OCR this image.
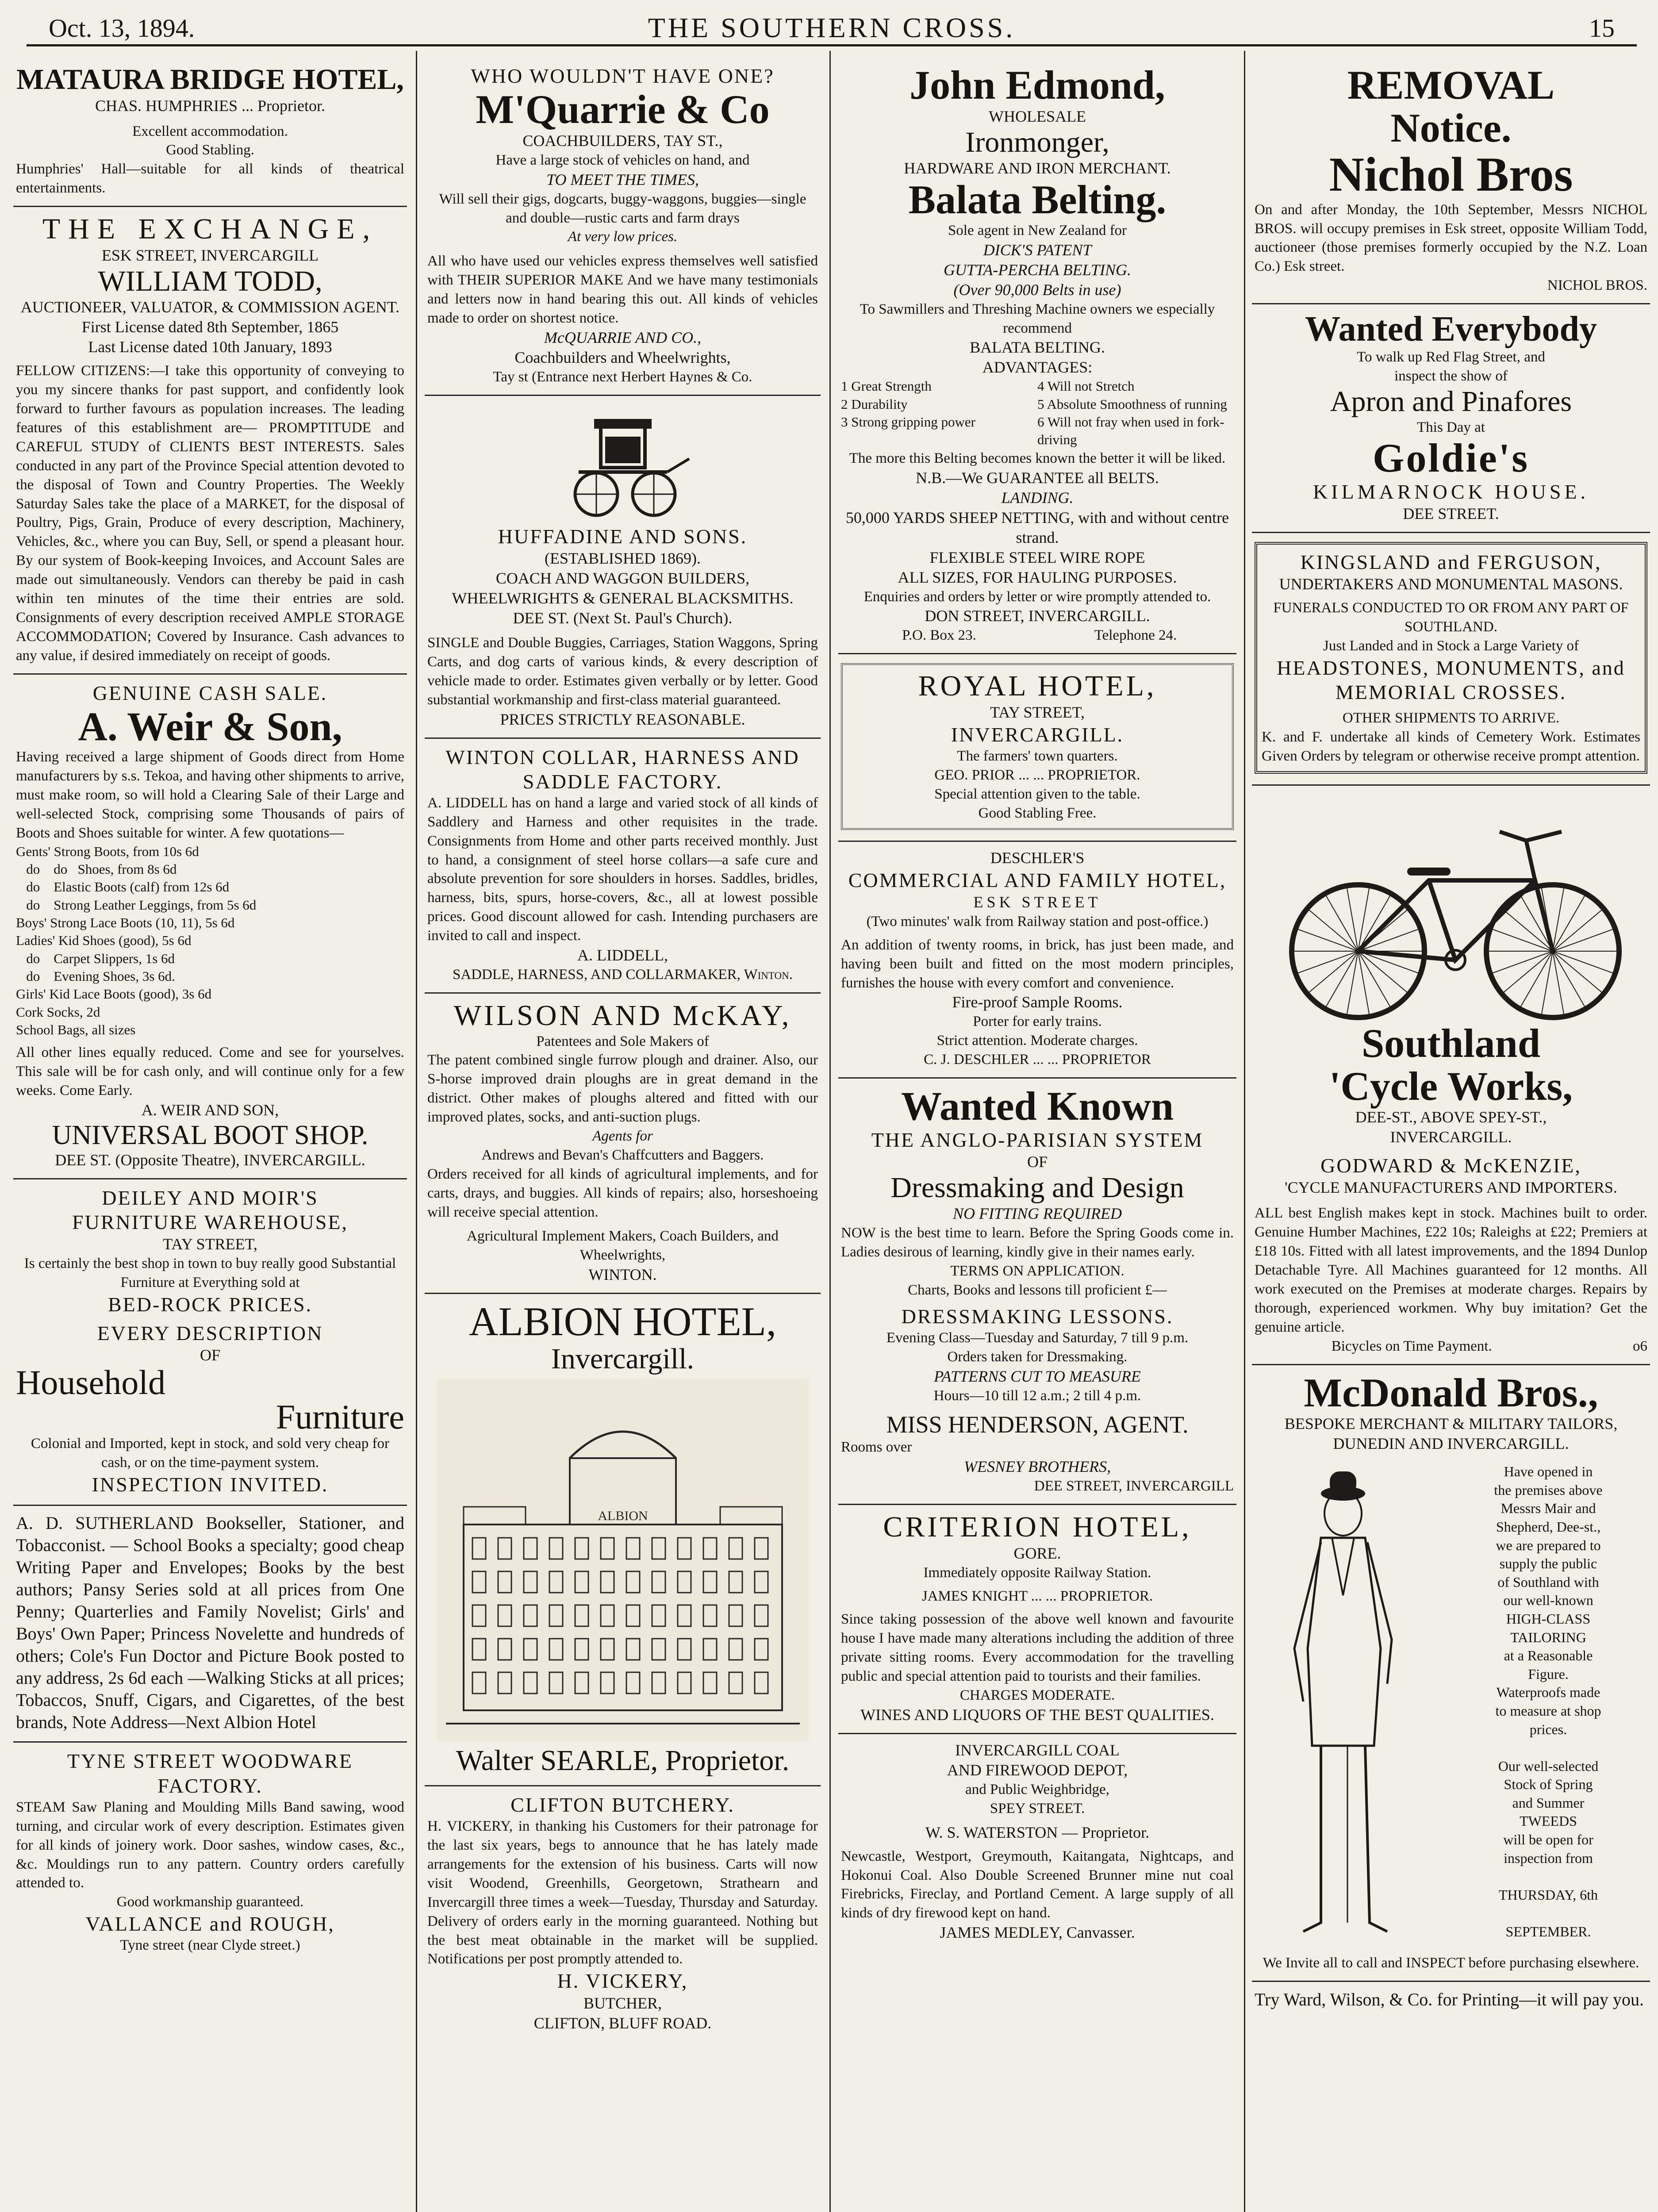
Oct. 13, 1894.	THE SOUTHERN CROSS.	15
MATAURA BRIDGE HOTEL,
CHAS. HUMPHRIES ... Proprietor.
Excellent accommodation.
Good Stabling.
Humphries' Hall—suitable for all kinds of theatrical entertainments.
THE EXCHANGE,
ESK STREET, INVERCARGILL
WILLIAM TODD,
AUCTIONEER, VALUATOR, & COMMISSION AGENT.
First License dated 8th September, 1865
Last License dated 10th January, 1893
FELLOW CITIZENS:—I take this opportunity of conveying to you my sincere thanks for past support, and confidently look forward to further favours as population increases. The leading features of this establishment are— PROMPTITUDE and CAREFUL STUDY of CLIENTS BEST INTERESTS. Sales conducted in any part of the Province Special attention devoted to the disposal of Town and Country Properties. The Weekly Saturday Sales take the place of a MARKET, for the disposal of Poultry, Pigs, Grain, Produce of every description, Machinery, Vehicles, &c., where you can Buy, Sell, or spend a pleasant hour. By our system of Book-keeping Invoices, and Account Sales are made out simultaneously. Vendors can thereby be paid in cash within ten minutes of the time their entries are sold. Consignments of every description received AMPLE STORAGE ACCOMMODATION; Covered by Insurance. Cash advances to any value, if desired immediately on receipt of goods.
GENUINE CASH SALE.
A. Weir & Son,
Having received a large shipment of Goods direct from Home manufacturers by s.s. Tekoa, and having other shipments to arrive, must make room, so will hold a Clearing Sale of their Large and well-selected Stock, comprising some Thousands of pairs of Boots and Shoes suitable for winter. A few quotations—
Gents' Strong Boots, from 10s 6d
do    do   Shoes, from 8s 6d
do    Elastic Boots (calf) from 12s 6d
do    Strong Leather Leggings, from 5s 6d
Boys' Strong Lace Boots (10, 11), 5s 6d
Ladies' Kid Shoes (good), 5s 6d
do    Carpet Slippers, 1s 6d
do    Evening Shoes, 3s 6d.
Girls' Kid Lace Boots (good), 3s 6d
Cork Socks, 2d
School Bags, all sizes
All other lines equally reduced. Come and see for yourselves. This sale will be for cash only, and will continue only for a few weeks. Come Early.
A. WEIR AND SON,
UNIVERSAL BOOT SHOP.
DEE ST. (Opposite Theatre), INVERCARGILL.
DEILEY AND MOIR'S
FURNITURE WAREHOUSE,
TAY STREET,
Is certainly the best shop in town to buy really good Substantial Furniture at Everything sold at
BED-ROCK PRICES.
EVERY DESCRIPTION
OF
Household
Furniture
Colonial and Imported, kept in stock, and sold very cheap for cash, or on the time-payment system.
INSPECTION INVITED.
A. D. SUTHERLAND Bookseller, Stationer, and Tobacconist. — School Books a specialty; good cheap Writing Paper and Envelopes; Books by the best authors; Pansy Series sold at all prices from One Penny; Quarterlies and Family Novelist; Girls' and Boys' Own Paper; Princess Novelette and hundreds of others; Cole's Fun Doctor and Picture Book posted to any address, 2s 6d each —Walking Sticks at all prices; Tobaccos, Snuff, Cigars, and Cigarettes, of the best brands, Note Address—Next Albion Hotel
TYNE STREET WOODWARE FACTORY.
STEAM Saw Planing and Moulding Mills Band sawing, wood turning, and circular work of every description. Estimates given for all kinds of joinery work. Door sashes, window cases, &c., &c. Mouldings run to any pattern. Country orders carefully attended to.
Good workmanship guaranteed.
VALLANCE and ROUGH,
Tyne street (near Clyde street.)
WHO WOULDN'T HAVE ONE?
M'Quarrie & Co
COACHBUILDERS, TAY ST.,
Have a large stock of vehicles on hand, and
TO MEET THE TIMES,
Will sell their gigs, dogcarts, buggy-waggons, buggies—single and double—rustic carts and farm drays
At very low prices.
All who have used our vehicles express themselves well satisfied with THEIR SUPERIOR MAKE And we have many testimonials and letters now in hand bearing this out. All kinds of vehicles made to order on shortest notice.
McQUARRIE AND CO.,
Coachbuilders and Wheelwrights,
Tay st (Entrance next Herbert Haynes & Co.
HUFFADINE AND SONS.
(ESTABLISHED 1869).
COACH AND WAGGON BUILDERS,
WHEELWRIGHTS & GENERAL BLACKSMITHS.
DEE ST. (Next St. Paul's Church).
SINGLE and Double Buggies, Carriages, Station Waggons, Spring Carts, and dog carts of various kinds, & every description of vehicle made to order. Estimates given verbally or by letter. Good substantial workmanship and first-class material guaranteed.
PRICES STRICTLY REASONABLE.
WINTON COLLAR, HARNESS AND SADDLE FACTORY.
A. LIDDELL has on hand a large and varied stock of all kinds of Saddlery and Harness and other requisites in the trade. Consignments from Home and other parts received monthly. Just to hand, a consignment of steel horse collars—a safe cure and absolute prevention for sore shoulders in horses. Saddles, bridles, harness, bits, spurs, horse-covers, &c., all at lowest possible prices. Good discount allowed for cash. Intending purchasers are invited to call and inspect.
A. LIDDELL,
SADDLE, HARNESS, AND COLLARMAKER, Winton.
WILSON AND McKAY,
Patentees and Sole Makers of
The patent combined single furrow plough and drainer. Also, our S-horse improved drain ploughs are in great demand in the district. Other makes of ploughs altered and fitted with our improved plates, socks, and anti-suction plugs.
Agents for
Andrews and Bevan's Chaffcutters and Baggers.
Orders received for all kinds of agricultural implements, and for carts, drays, and buggies. All kinds of repairs; also, horseshoeing will receive special attention.
Agricultural Implement Makers, Coach Builders, and Wheelwrights,
WINTON.
ALBION HOTEL,
Invercargill.
ALBION
Walter SEARLE, Proprietor.
CLIFTON BUTCHERY.
H. VICKERY, in thanking his Customers for their patronage for the last six years, begs to announce that he has lately made arrangements for the extension of his business. Carts will now visit Woodend, Greenhills, Georgetown, Strathearn and Invercargill three times a week—Tuesday, Thursday and Saturday. Delivery of orders early in the morning guaranteed. Nothing but the best meat obtainable in the market will be supplied. Notifications per post promptly attended to.
H. VICKERY,
BUTCHER,
CLIFTON, BLUFF ROAD.
John Edmond,
WHOLESALE
Ironmonger,
HARDWARE AND IRON MERCHANT.
Balata Belting.
Sole agent in New Zealand for
DICK'S PATENT
GUTTA-PERCHA BELTING.
(Over 90,000 Belts in use)
To Sawmillers and Threshing Machine owners we especially recommend
BALATA BELTING.
ADVANTAGES:
1 Great Strength
2 Durability
3 Strong gripping power
4 Will not Stretch
5 Absolute Smoothness of running
6 Will not fray when used in fork-driving
The more this Belting becomes known the better it will be liked.
N.B.—We GUARANTEE all BELTS.
LANDING.
50,000 YARDS SHEEP NETTING, with and without centre strand.
FLEXIBLE STEEL WIRE ROPE
ALL SIZES, FOR HAULING PURPOSES.
Enquiries and orders by letter or wire promptly attended to.
DON STREET, INVERCARGILL.
P.O. Box 23.	Telephone 24.
ROYAL HOTEL,
TAY STREET,
INVERCARGILL.
The farmers' town quarters.
GEO. PRIOR ... ... PROPRIETOR.
Special attention given to the table.
Good Stabling Free.
DESCHLER'S
COMMERCIAL AND FAMILY HOTEL,
ESK STREET
(Two minutes' walk from Railway station and post-office.)
An addition of twenty rooms, in brick, has just been made, and having been built and fitted on the most modern principles, furnishes the house with every comfort and convenience.
Fire-proof Sample Rooms.
Porter for early trains.
Strict attention. Moderate charges.
C. J. DESCHLER ... ... PROPRIETOR
Wanted Known
THE ANGLO-PARISIAN SYSTEM
OF
Dressmaking and Design
NO FITTING REQUIRED
NOW is the best time to learn. Before the Spring Goods come in. Ladies desirous of learning, kindly give in their names early.
TERMS ON APPLICATION.
Charts, Books and lessons till proficient £—
DRESSMAKING LESSONS.
Evening Class—Tuesday and Saturday, 7 till 9 p.m.
Orders taken for Dressmaking.
PATTERNS CUT TO MEASURE
Hours—10 till 12 a.m.; 2 till 4 p.m.
MISS HENDERSON, AGENT.
Rooms over
WESNEY BROTHERS,
DEE STREET, INVERCARGILL
CRITERION HOTEL,
GORE.
Immediately opposite Railway Station.
JAMES KNIGHT ... ... PROPRIETOR.
Since taking possession of the above well known and favourite house I have made many alterations including the addition of three private sitting rooms. Every accommodation for the travelling public and special attention paid to tourists and their families.
CHARGES MODERATE.
WINES AND LIQUORS OF THE BEST QUALITIES.
INVERCARGILL COAL
AND FIREWOOD DEPOT,
and Public Weighbridge,
SPEY STREET.
W. S. WATERSTON — Proprietor.
Newcastle, Westport, Greymouth, Kaitangata, Nightcaps, and Hokonui Coal. Also Double Screened Brunner mine nut coal Firebricks, Fireclay, and Portland Cement. A large supply of all kinds of dry firewood kept on hand.
JAMES MEDLEY, Canvasser.
REMOVAL
Notice.
Nichol Bros
On and after Monday, the 10th September, Messrs NICHOL BROS. will occupy premises in Esk street, opposite William Todd, auctioneer (those premises formerly occupied by the N.Z. Loan Co.) Esk street.
NICHOL BROS.
Wanted Everybody
To walk up Red Flag Street, and
inspect the show of
Apron and Pinafores
This Day at
Goldie's
KILMARNOCK HOUSE.
DEE STREET.
KINGSLAND and FERGUSON,
UNDERTAKERS AND MONUMENTAL MASONS.
FUNERALS CONDUCTED TO OR FROM ANY PART OF SOUTHLAND.
Just Landed and in Stock a Large Variety of
HEADSTONES, MONUMENTS, and MEMORIAL CROSSES.
OTHER SHIPMENTS TO ARRIVE.
K. and F. undertake all kinds of Cemetery Work. Estimates Given Orders by telegram or otherwise receive prompt attention.
Southland
'Cycle Works,
DEE-ST., ABOVE SPEY-ST.,
INVERCARGILL.
GODWARD & McKENZIE,
'CYCLE MANUFACTURERS AND IMPORTERS.
ALL best English makes kept in stock. Machines built to order. Genuine Humber Machines, £22 10s; Raleighs at £22; Premiers at £18 10s. Fitted with all latest improvements, and the 1894 Dunlop Detachable Tyre. All Machines guaranteed for 12 months. All work executed on the Premises at moderate charges. Repairs by thorough, experienced workmen. Why buy imitation? Get the genuine article.
Bicycles on Time Payment.	o6
McDonald Bros.,
BESPOKE MERCHANT & MILITARY TAILORS,
DUNEDIN AND INVERCARGILL.
Have opened in
the premises above
Messrs Mair and
Shepherd, Dee-st.,
we are prepared to
supply the public
of Southland with
our well-known
HIGH-CLASS
TAILORING
at a Reasonable
Figure.
Waterproofs made
to measure at shop
prices.

Our well-selected
Stock of Spring
and Summer
TWEEDS
will be open for
inspection from

THURSDAY, 6th

SEPTEMBER.
We Invite all to call and INSPECT before purchasing elsewhere.
Try Ward, Wilson, & Co. for Printing—it will pay you.
